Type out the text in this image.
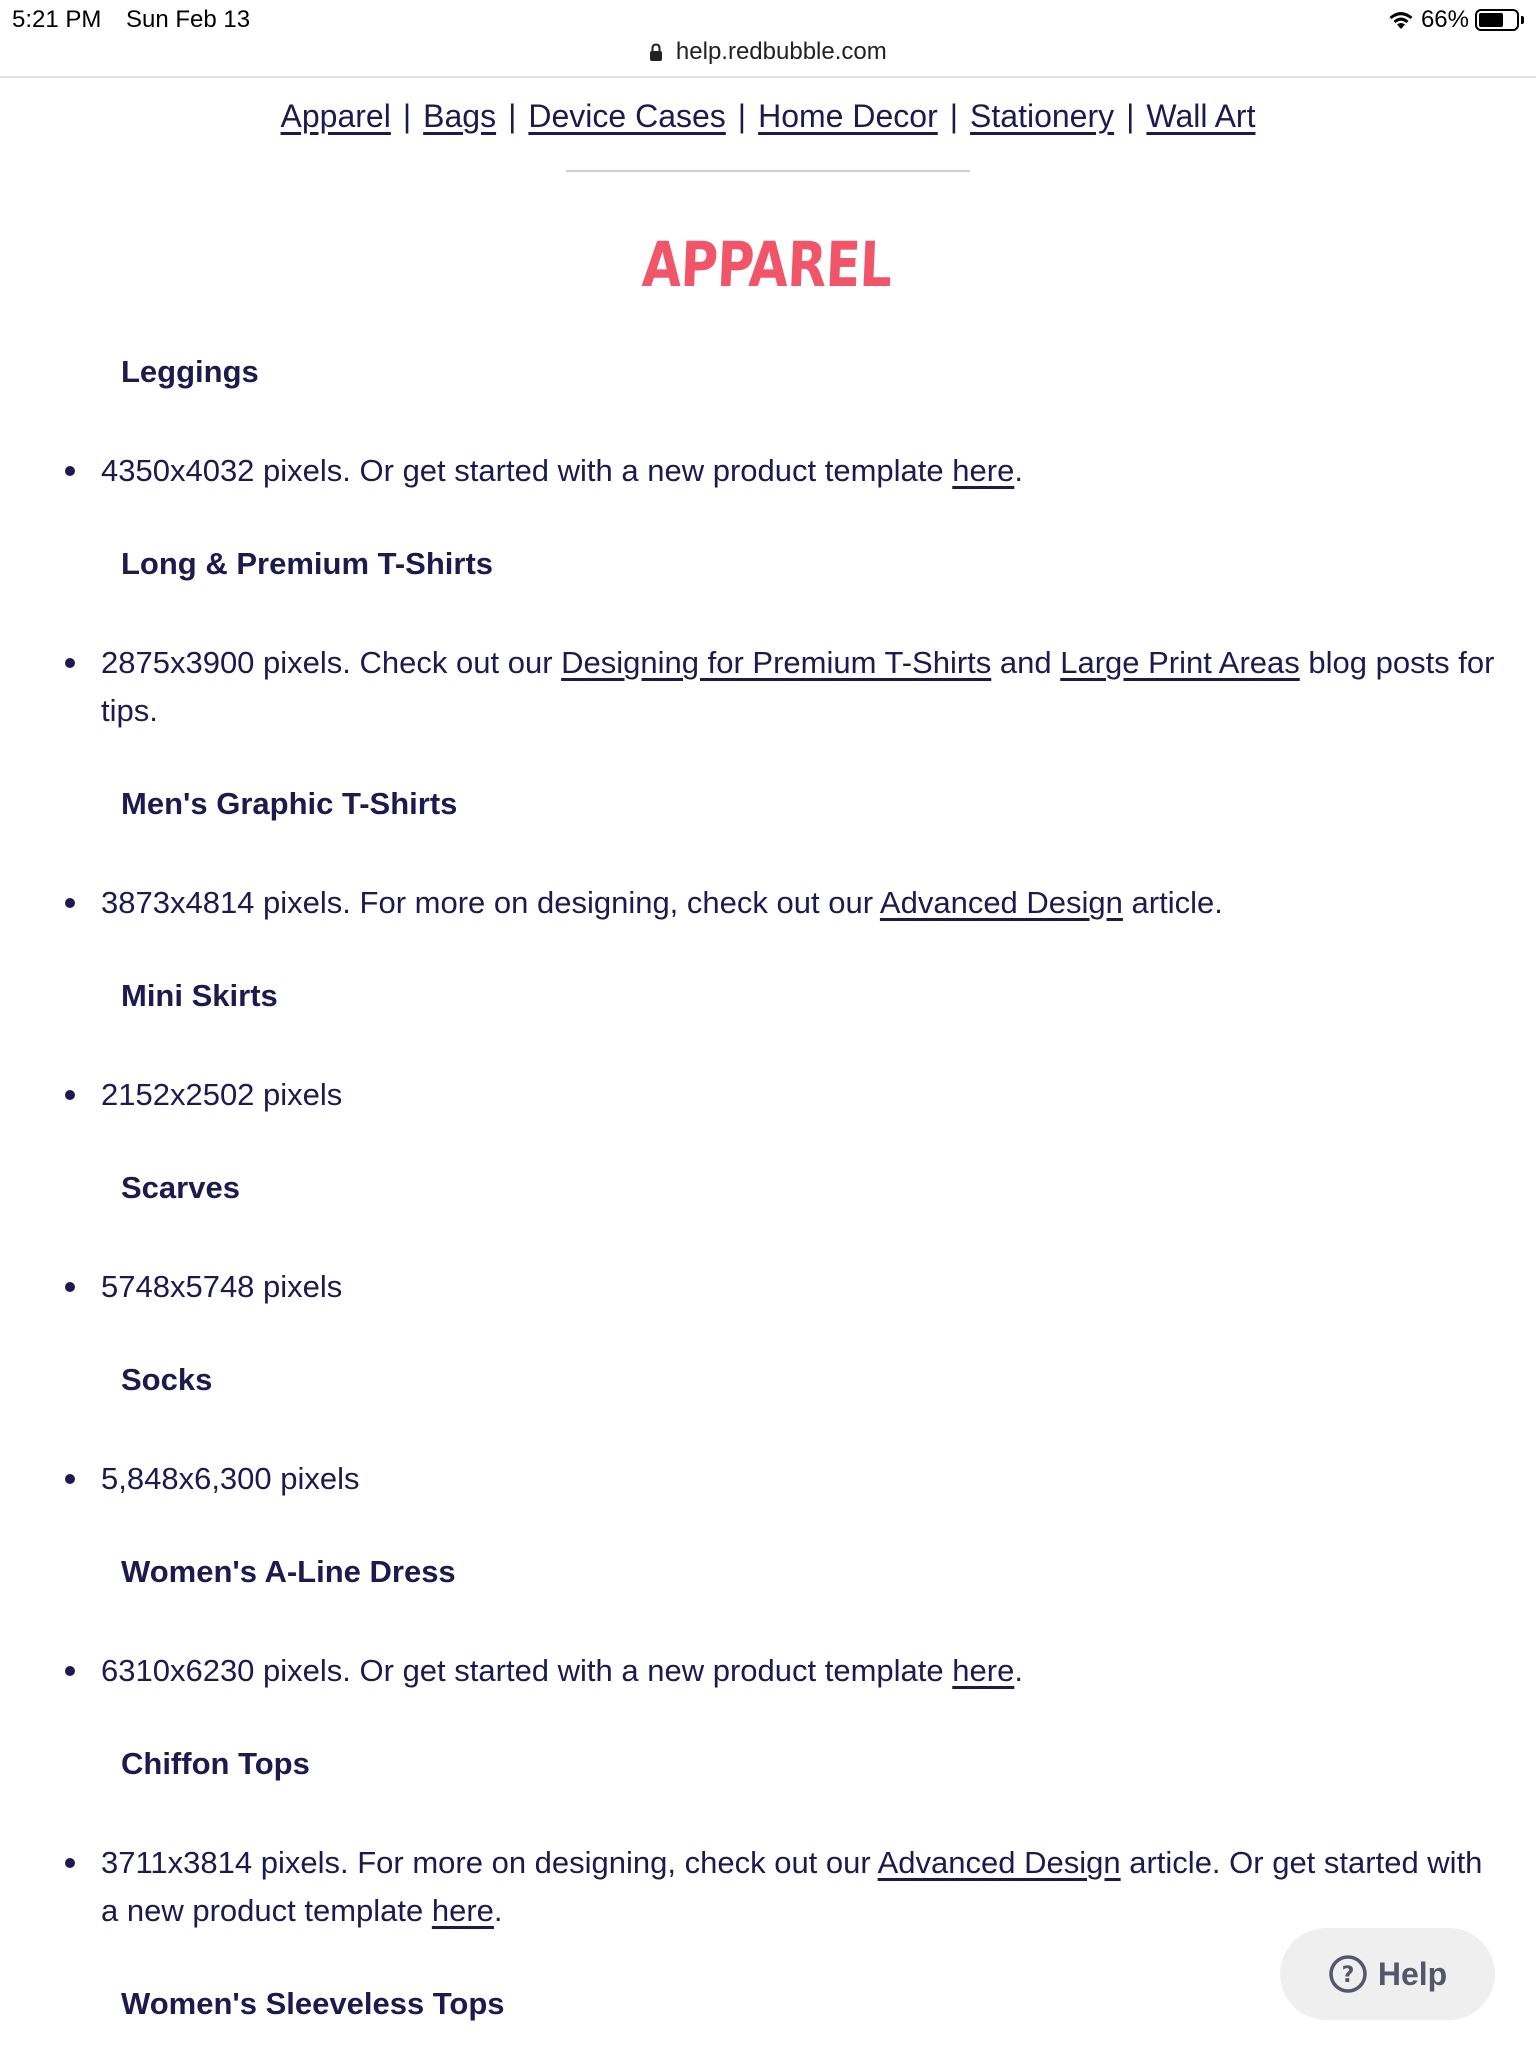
5:21 PM Sun Feb 13	66%
help.redbubble.com
Apparel | Bags | Device Cases | Home Decor | Stationery | Wall Art
APPAREL
Leggings
4350x4032 pixels. Or get started with a new product template here.
Long & Premium T-Shirts
2875x3900 pixels. Check out our Designing for Premium T-Shirts and Large Print Areas blog posts for tips.
Men's Graphic T-Shirts
3873x4814 pixels. For more on designing, check out our Advanced Design article.
Mini Skirts
2152x2502 pixels
Scarves
5748x5748 pixels
Socks
5,848x6,300 pixels
Women's A-Line Dress
6310x6230 pixels. Or get started with a new product template here.
Chiffon Tops
3711x3814 pixels. For more on designing, check out our Advanced Design article. Or get started with a new product template here.
Women's Sleeveless Tops
? Help
